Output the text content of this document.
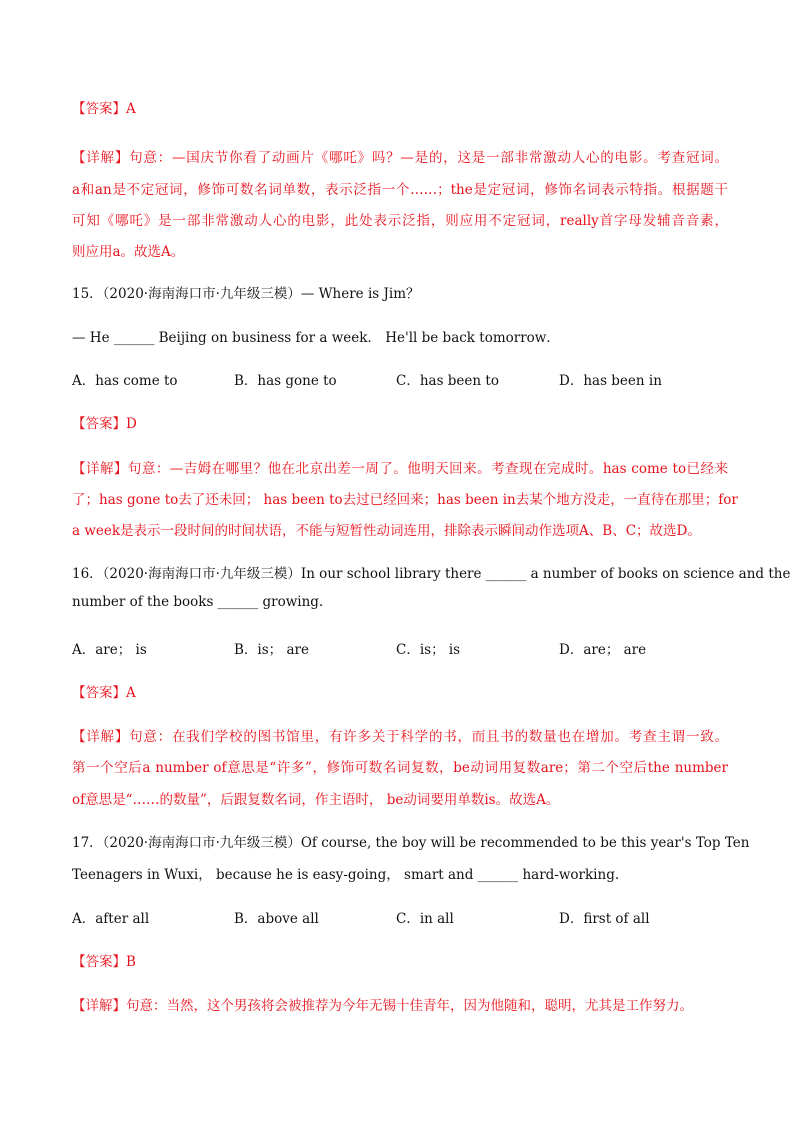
【答案】A
【详解】句意：—国庆节你看了动画片《哪吒》吗？—是的，这是一部非常激动人心的电影。考查冠词。
a和an是不定冠词，修饰可数名词单数，表示泛指一个……；the是定冠词，修饰名词表示特指。根据题干
可知《哪吒》是一部非常激动人心的电影，此处表示泛指，则应用不定冠词，really首字母发辅音音素，
则应用a。故选A。
15．（2020·海南海口市·九年级三模）— Where is Jim？
— He ______ Beijing on business for a week． He'll be back tomorrow．
A．has come to	B．has gone to	C．has been to	D．has been in
【答案】D
【详解】句意：—吉姆在哪里？他在北京出差一周了。他明天回来。考查现在完成时。has come to已经来
了；has gone to去了还未回； has been to去过已经回来；has been in去某个地方没走，一直待在那里；for
a week是表示一段时间的时间状语，不能与短暂性动词连用，排除表示瞬间动作选项A、B、C；故选D。
16．（2020·海南海口市·九年级三模）In our school library there ______ a number of books on science and the
number of the books ______ growing.
A．are； is	B．is； are	C．is； is	D．are； are
【答案】A
【详解】句意：在我们学校的图书馆里，有许多关于科学的书，而且书的数量也在增加。考查主谓一致。
第一个空后a number of意思是“许多”，修饰可数名词复数，be动词用复数are；第二个空后the number
of意思是“……的数量”，后跟复数名词，作主语时， be动词要用单数is。故选A。
17．（2020·海南海口市·九年级三模）Of course, the boy will be recommended to be this year's Top Ten
Teenagers in Wuxi， because he is easy-going， smart and ______ hard-working.
A．after all	B．above all	C．in all	D．first of all
【答案】B
【详解】句意：当然，这个男孩将会被推荐为今年无锡十佳青年，因为他随和，聪明，尤其是工作努力。
